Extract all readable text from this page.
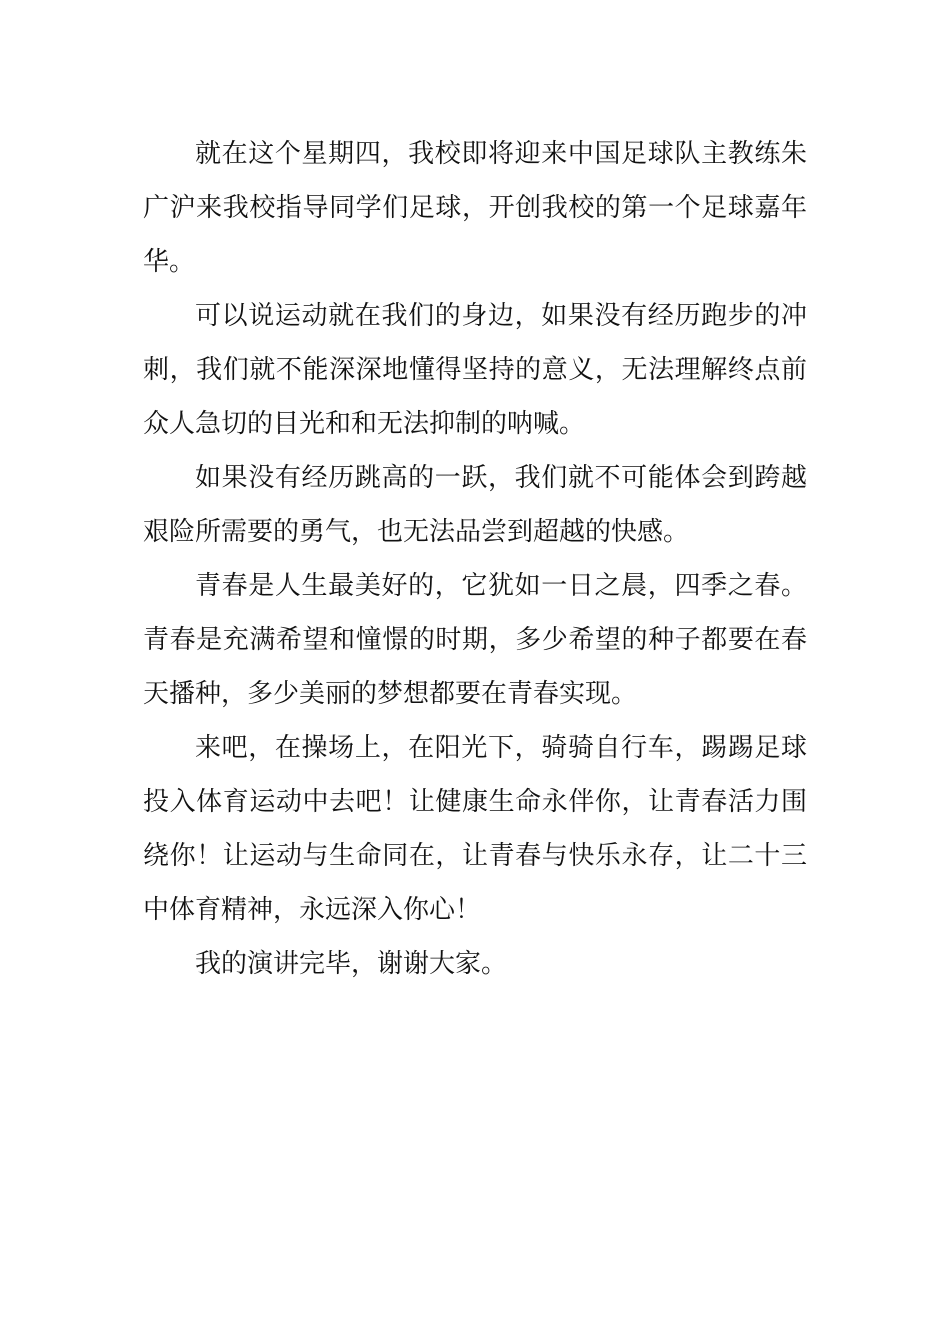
就在这个星期四，我校即将迎来中国足球队主教练朱广沪来我校指导同学们足球，开创我校的第一个足球嘉年华。

可以说运动就在我们的身边，如果没有经历跑步的冲刺，我们就不能深深地懂得坚持的意义，无法理解终点前众人急切的目光和和无法抑制的呐喊。

如果没有经历跳高的一跃，我们就不可能体会到跨越艰险所需要的勇气，也无法品尝到超越的快感。

青春是人生最美好的，它犹如一日之晨，四季之春。青春是充满希望和憧憬的时期，多少希望的种子都要在春天播种，多少美丽的梦想都要在青春实现。

来吧，在操场上，在阳光下，骑骑自行车，踢踢足球投入体育运动中去吧！让健康生命永伴你，让青春活力围绕你！让运动与生命同在，让青春与快乐永存，让二十三中体育精神，永远深入你心！

我的演讲完毕，谢谢大家。
